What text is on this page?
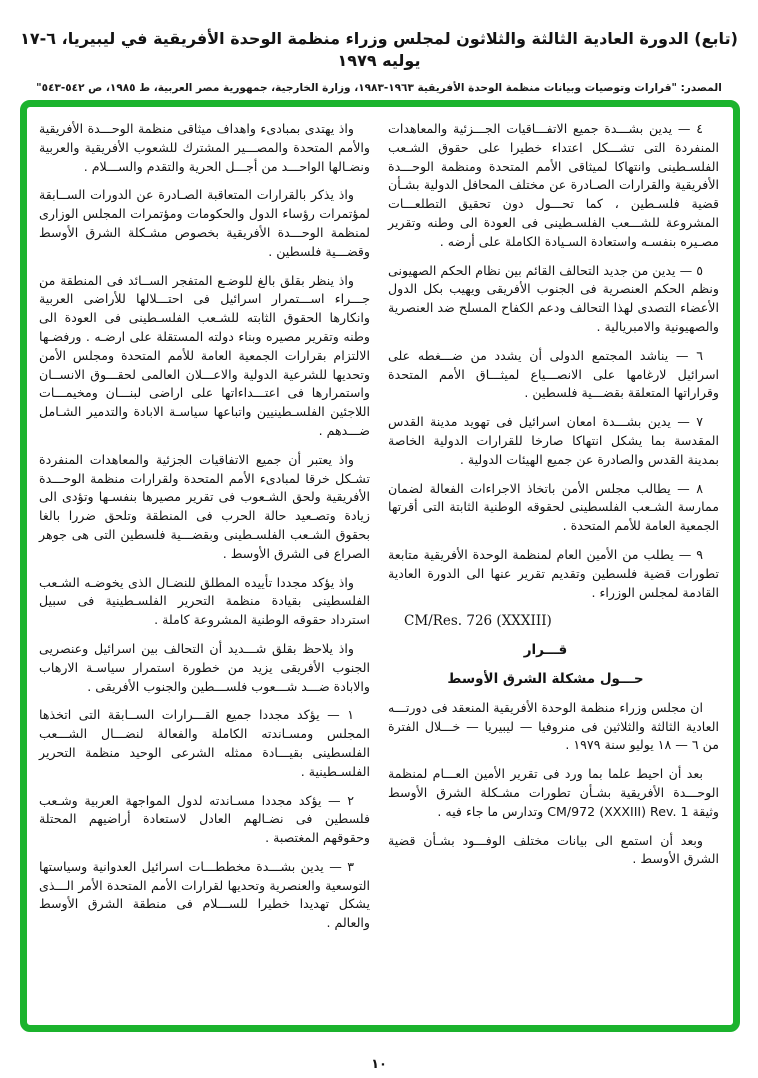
(تابع) الدورة العادية الثالثة والثلاثون لمجلس وزراء منظمة الوحدة الأفريقية في ليبيريا، ٦-١٧ يوليه ١٩٧٩
المصدر: "قرارات وتوصيات وبيانات منظمة الوحدة الأفريقية ١٩٦٣-١٩٨٣، وزارة الخارجية، جمهورية مصر العربية، ط ١٩٨٥، ص ٥٤٢-٥٤٣"

واذ يهتدى بمبادىء واهداف ميثاقى منظمة الوحـــدة الأفريقية والأمم المتحدة والمصـــير المشترك للشعوب الأفريقية والعربية ونضـالها الواحـــد من أجـــل الحرية والتقدم والســـلام .

واذ يذكر بالقرارات المتعاقبة الصـادرة عن الدورات الســابقة لمؤتمرات رؤساء الدول والحكومات ومؤتمرات المجلس الوزارى لمنظمة الوحـــدة الأفريقية بخصوص مشـكلة الشرق الأوسط وقضـــية فلسطين .

واذ ينظر بقلق بالغ للوضـع المتفجر الســائد فى المنطقة من جـــراء اســـتمرار اسرائيل فى احتـــلالها للأراضى العربية وانكارها الحقوق الثابته للشـعب الفلسـطينى فى العودة الى وطنه وتقرير مصيره وبناء دولته المستقلة على ارضـه . ورفضـها الالتزام بقرارات الجمعية العامة للأمم المتحدة ومجلس الأمن وتحديها للشرعية الدولية والاعـــلان العالمى لحقـــوق الانســان واستمرارها فى اعتـــداءاتها على اراضى لبنـــان ومخيمـــات اللاجئين الفلسـطينيين واتباعها سياسـة الابادة والتدمير الشـامل ضـــدهم .

واذ يعتبر أن جميع الاتفاقيات الجزئية والمعاهدات المنفردة تشـكل خرقا لمبادىء الأمم المتحدة ولقرارات منظمة الوحـــدة الأفريقية ولحق الشـعوب فى تقرير مصيرها بنفسـها وتؤدى الى زيادة وتصـعيد حالة الحرب فى المنطقة وتلحق ضررا بالغا بحقوق الشـعب الفلسـطينى وبقضـــية فلسطين التى هى جوهر الصراع فى الشرق الأوسط .

واذ يؤكد مجددا تأييده المطلق للنضـال الذى يخوضـه الشـعب الفلسطينى بقيادة منظمة التحرير الفلسـطينية فى سبيل استرداد حقوقه الوطنية المشروعة كاملة .

واذ يلاحظ بقلق شـــديد أن التحالف بين اسرائيل وعنصريى الجنوب الأفريقى يزيد من خطورة استمرار سياسـة الارهاب والابادة ضـــد شـــعوب فلســـطين والجنوب الأفريقى .

١ — يؤكد مجددا جميع القـــرارات الســابقة التى اتخذها المجلس ومسـاندته الكاملة والفعالة لنضـــال الشـــعب الفلسطينى بقيـــادة ممثله الشرعى الوحيد منظمة التحرير الفلسـطينية .

٢ — يؤكد مجددا مسـاندته لدول المواجهة العربية وشـعب فلسطين فى نضـالهم العادل لاستعادة أراضيهم المحتلة وحقوقهم المغتصبة .

٣ — يدين بشـــدة مخططـــات اسرائيل العدوانية وسياستها التوسعية والعنصرية وتحديها لقرارات الأمم المتحدة الأمر الـــذى يشكل تهديدا خطيرا للســـلام فى منطقة الشرق الأوسط والعالم .

٤ — يدين بشـــدة جميع الاتفـــاقيات الجـــزئية والمعاهدات المنفردة التى تشـــكل اعتداء خطيرا على حقوق الشـعب الفلسـطينى وانتهاكا لميثاقى الأمم المتحدة ومنظمة الوحـــدة الأفريقية والقرارات الصـادرة عن مختلف المحافل الدولية بشـأن قضية فلسـطين ، كما تحـــول دون تحقيق التطلعـــات المشروعة للشـــعب الفلسـطينى فى العودة الى وطنه وتقرير مصـيره بنفسـه واستعادة السـيادة الكاملة على أرضه .

٥ — يدين من جديد التحالف القائم بين نظام الحكم الصهيونى ونظم الحكم العنصرية فى الجنوب الأفريقى ويهيب بكل الدول الأعضاء التصدى لهذا التحالف ودعم الكفاح المسلح ضد العنصرية والصهيونية والامبريالية .

٦ — يناشد المجتمع الدولى أن يشدد من ضـــغطه على اسرائيل لارغامها على الانصـــياع لميثـــاق الأمم المتحدة وقراراتها المتعلقة بقضـــية فلسطين .

٧ — يدين بشـــدة امعان اسرائيل فى تهويد مدينة القدس المقدسة بما يشكل انتهاكا صارخا للقرارات الدولية الخاصة بمدينة القدس والصادرة عن جميع الهيئات الدولية .

٨ — يطالب مجلس الأمن باتخاذ الاجراءات الفعالة لضمان ممارسة الشـعب الفلسطينى لحقوقه الوطنية الثابتة التى أقرتها الجمعية العامة للأمم المتحدة .

٩ — يطلب من الأمين العام لمنظمة الوحدة الأفريقية متابعة تطورات قضية فلسطين وتقديم تقرير عنها الى الدورة العادية القادمة لمجلس الوزراء .

CM/Res. 726 (XXXIII)

قـــرار

حـــول مشكلة الشرق الأوسط

ان مجلس وزراء منظمة الوحدة الأفريقية المنعقد فى دورتـــه العادية الثالثة والثلاثين فى منروفيا — ليبيريا — خـــلال الفترة من ٦ — ١٨ يوليو سنة ١٩٧٩ .

بعد أن احيط علما بما ورد فى تقرير الأمين العـــام لمنظمة الوحـــدة الأفريقية بشـأن تطورات مشـكلة الشرق الأوسط وثيقة CM/972 (XXXIII) Rev. 1 وتدارس ما جاء فيه .

وبعد أن استمع الى بيانات مختلف الوفـــود بشـأن قضية الشرق الأوسط .

١٠
